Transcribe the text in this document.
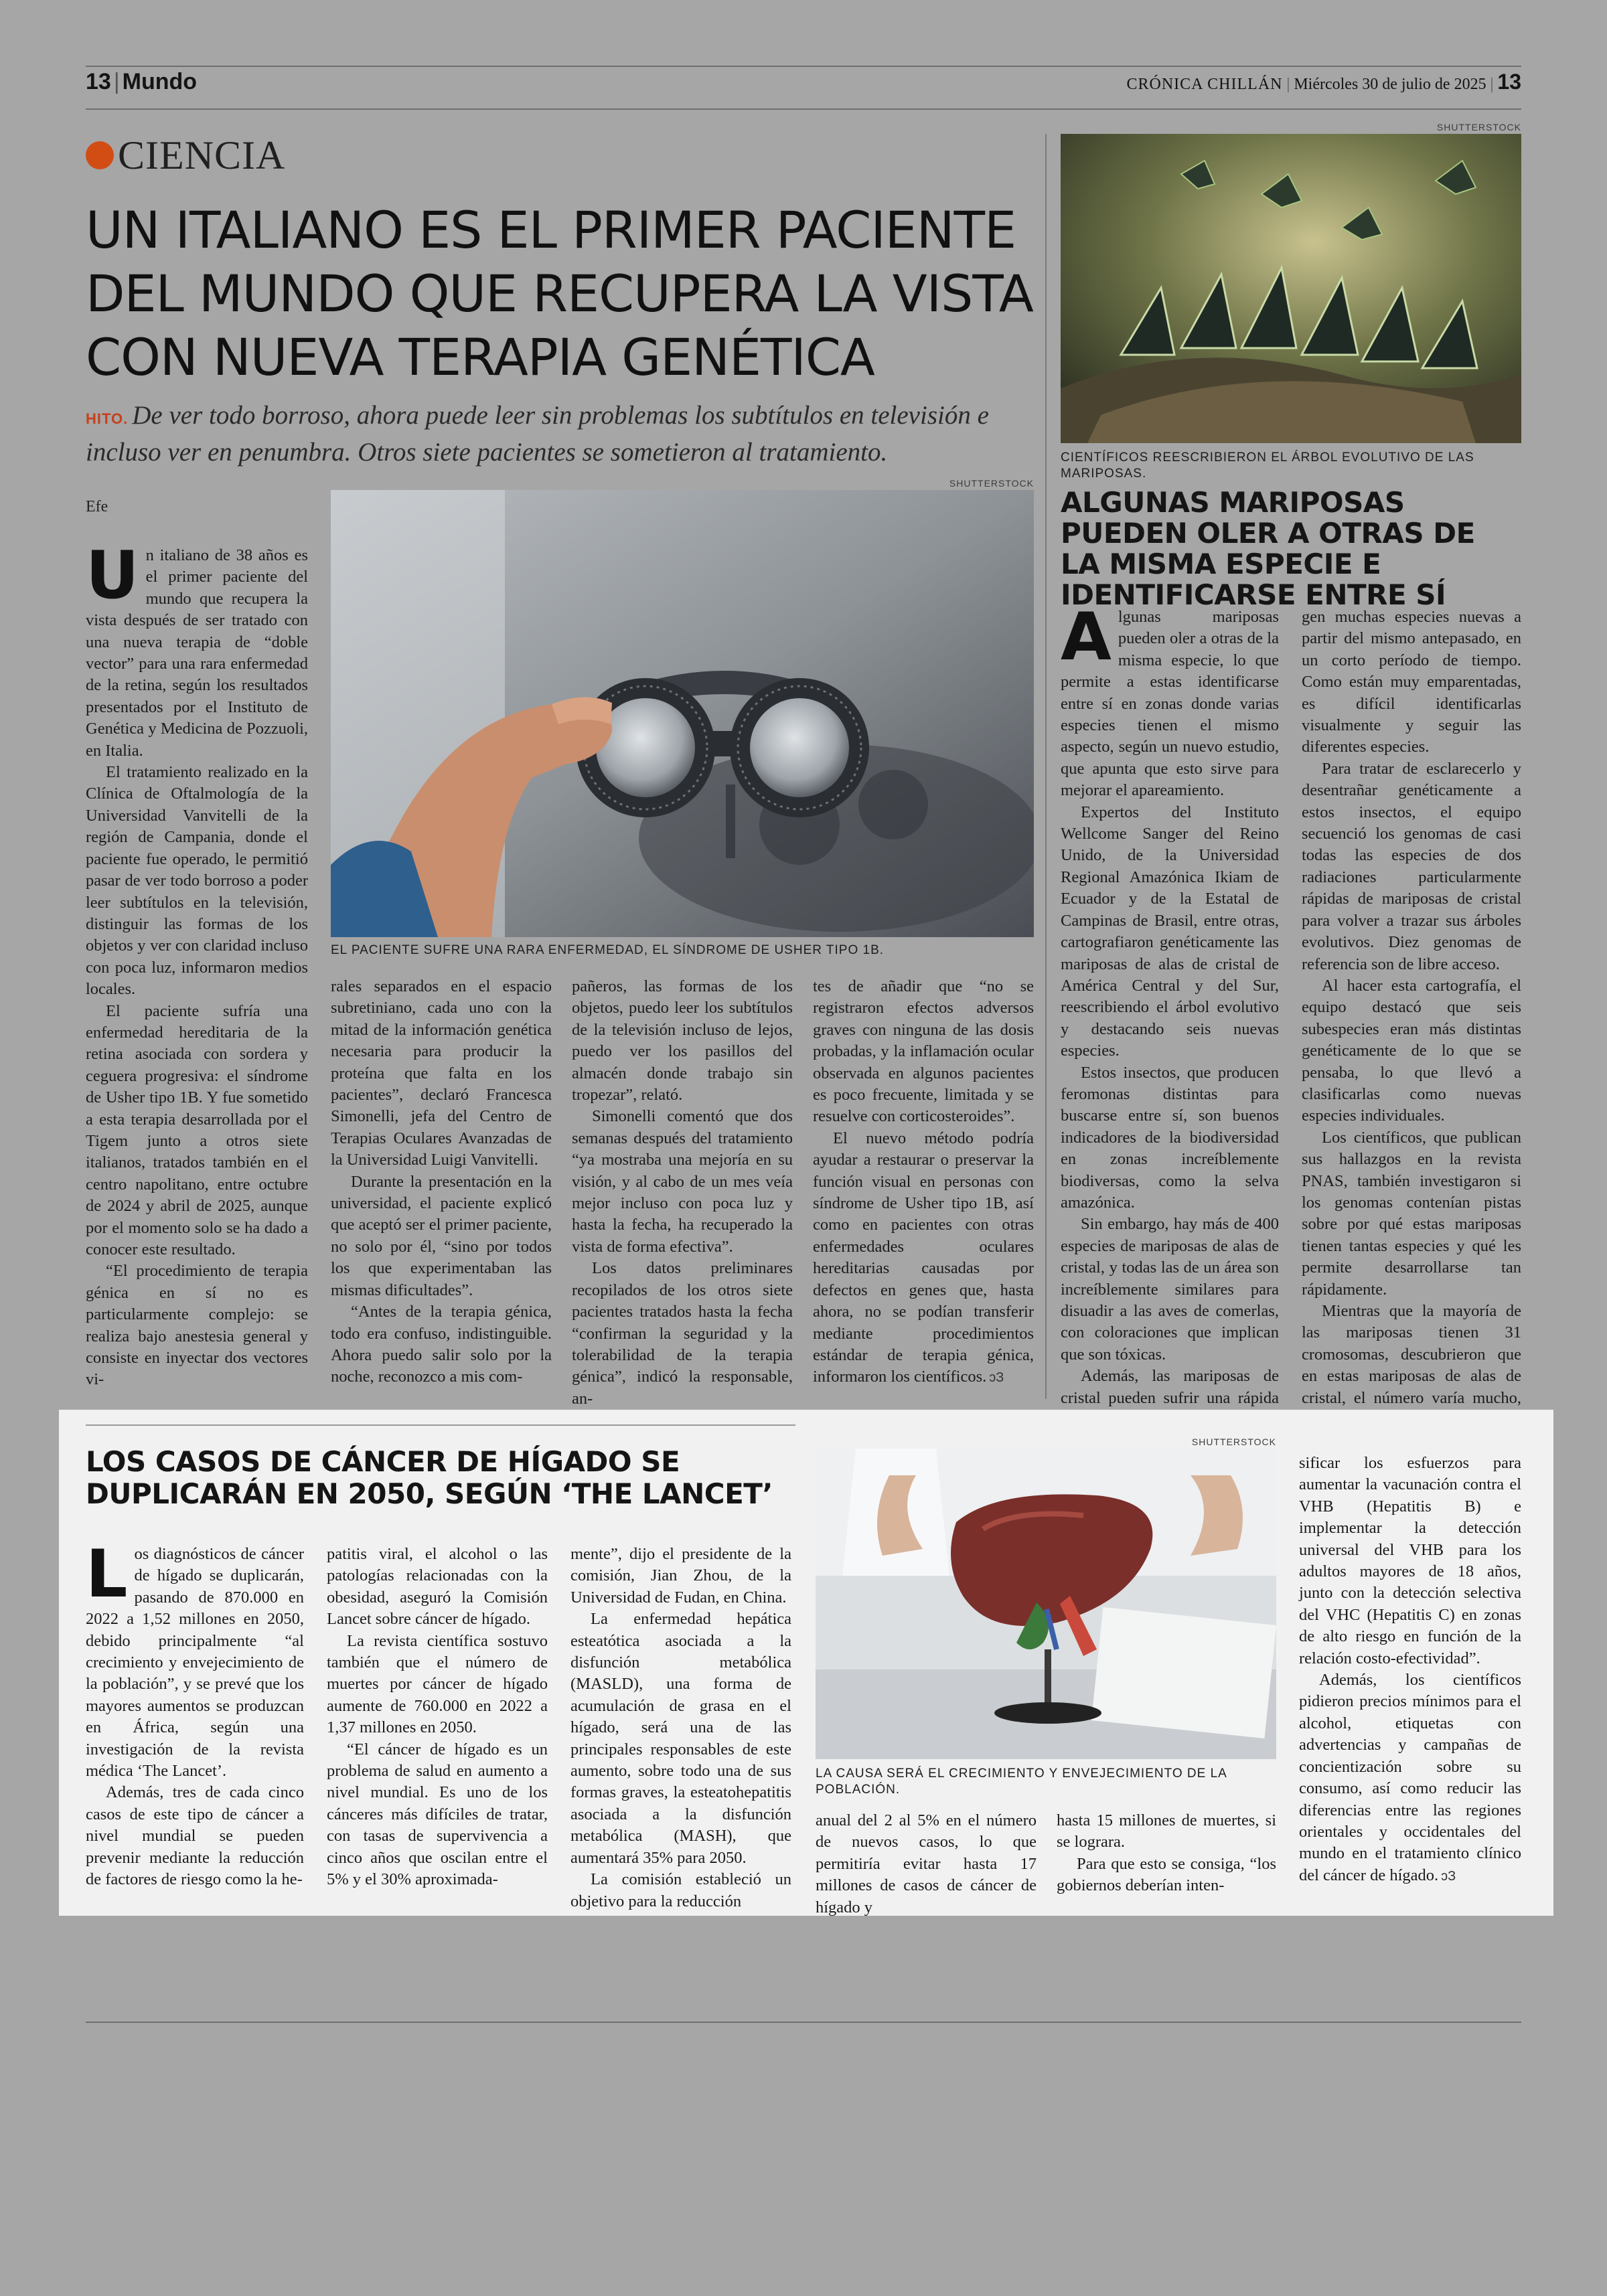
13 | Mundo	CRÓNICA CHILLÁN | Miércoles 30 de julio de 2025 | 13
CIENCIA
UN ITALIANO ES EL PRIMER PACIENTE DEL MUNDO QUE RECUPERA LA VISTA CON NUEVA TERAPIA GENÉTICA
HITO. De ver todo borroso, ahora puede leer sin problemas los subtítulos en televisión e incluso ver en penumbra. Otros siete pacientes se sometieron al tratamiento.
SHUTTERSTOCK
EL PACIENTE SUFRE UNA RARA ENFERMEDAD, EL SÍNDROME DE USHER TIPO 1B.
Efe

Un italiano de 38 años es el primer paciente del mundo que recupera la vista después de ser tratado con una nueva terapia de “doble vector” para una rara enfermedad de la retina, según los resultados presentados por el Instituto de Genética y Medicina de Pozzuoli, en Italia.

El tratamiento realizado en la Clínica de Oftalmología de la Universidad Vanvitelli de la región de Campania, donde el paciente fue operado, le permitió pasar de ver todo borroso a poder leer subtítulos en la televisión, distinguir las formas de los objetos y ver con claridad incluso con poca luz, informaron medios locales.

El paciente sufría una enfermedad hereditaria de la retina asociada con sordera y ceguera progresiva: el síndrome de Usher tipo 1B. Y fue sometido a esta terapia desarrollada por el Tigem junto a otros siete italianos, tratados también en el centro napolitano, entre octubre de 2024 y abril de 2025, aunque por el momento solo se ha dado a conocer este resultado.

“El procedimiento de terapia génica en sí no es particularmente complejo: se realiza bajo anestesia general y consiste en inyectar dos vectores vi-

rales separados en el espacio subretiniano, cada uno con la mitad de la información genética necesaria para producir la proteína que falta en los pacientes”, declaró Francesca Simonelli, jefa del Centro de Terapias Oculares Avanzadas de la Universidad Luigi Vanvitelli.

Durante la presentación en la universidad, el paciente explicó que aceptó ser el primer paciente, no solo por él, “sino por todos los que experimentaban las mismas dificultades”.

“Antes de la terapia génica, todo era confuso, indistinguible. Ahora puedo salir solo por la noche, reconozco a mis com-

pañeros, las formas de los objetos, puedo leer los subtítulos de la televisión incluso de lejos, puedo ver los pasillos del almacén donde trabajo sin tropezar”, relató.

Simonelli comentó que dos semanas después del tratamiento “ya mostraba una mejoría en su visión, y al cabo de un mes veía mejor incluso con poca luz y hasta la fecha, ha recuperado la vista de forma efectiva”.

Los datos preliminares recopilados de los otros siete pacientes tratados hasta la fecha “confirman la seguridad y la tolerabilidad de la terapia génica”, indicó la responsable, an-

tes de añadir que “no se registraron efectos adversos graves con ninguna de las dosis probadas, y la inflamación ocular observada en algunos pacientes es poco frecuente, limitada y se resuelve con corticosteroides”.

El nuevo método podría ayudar a restaurar o preservar la función visual en personas con síndrome de Usher tipo 1B, así como en pacientes con otras enfermedades oculares hereditarias causadas por defectos en genes que, hasta ahora, no se podían transferir mediante procedimientos estándar de terapia génica, informaron los científicos. ↄЗ

SHUTTERSTOCK
CIENTÍFICOS REESCRIBIERON EL ÁRBOL EVOLUTIVO DE LAS MARIPOSAS.
ALGUNAS MARIPOSAS PUEDEN OLER A OTRAS DE LA MISMA ESPECIE E IDENTIFICARSE ENTRE SÍ

Algunas mariposas pueden oler a otras de la misma especie, lo que permite a estas identificarse entre sí en zonas donde varias especies tienen el mismo aspecto, según un nuevo estudio, que apunta que esto sirve para mejorar el apareamiento.

Expertos del Instituto Wellcome Sanger del Reino Unido, de la Universidad Regional Amazónica Ikiam de Ecuador y de la Estatal de Campinas de Brasil, entre otras, cartografiaron genéticamente las mariposas de alas de cristal de América Central y del Sur, reescribiendo el árbol evolutivo y destacando seis nuevas especies.

Estos insectos, que producen feromonas distintas para buscarse entre sí, son buenos indicadores de la biodiversidad en zonas increíblemente biodiversas, como la selva amazónica.

Sin embargo, hay más de 400 especies de mariposas de alas de cristal, y todas las de un área son increíblemente similares para disuadir a las aves de comerlas, con coloraciones que implican que son tóxicas.

Además, las mariposas de cristal pueden sufrir una rápida

gen muchas especies nuevas a partir del mismo antepasado, en un corto período de tiempo. Como están muy emparentadas, es difícil identificarlas visualmente y seguir las diferentes especies.

Para tratar de esclarecerlo y desentrañar genéticamente a estos insectos, el equipo secuenció los genomas de casi todas las especies de dos radiaciones particularmente rápidas de mariposas de cristal para volver a trazar sus árboles evolutivos. Diez genomas de referencia son de libre acceso.

Al hacer esta cartografía, el equipo destacó que seis subespecies eran más distintas genéticamente de lo que se pensaba, lo que llevó a clasificarlas como nuevas especies individuales.

Los científicos, que publican sus hallazgos en la revista PNAS, también investigaron si los genomas contenían pistas sobre por qué estas mariposas tienen tantas especies y qué les permite desarrollarse tan rápidamente.

Mientras que la mayoría de las mariposas tienen 31 cromosomas, descubrieron que en estas mariposas de alas de cristal, el número varía mucho,

LOS CASOS DE CÁNCER DE HÍGADO SE DUPLICARÁN EN 2050, SEGÚN ‘THE LANCET’

Los diagnósticos de cáncer de hígado se duplicarán, pasando de 870.000 en 2022 a 1,52 millones en 2050, debido principalmente “al crecimiento y envejecimiento de la población”, y se prevé que los mayores aumentos se produzcan en África, según una investigación de la revista médica ‘The Lancet’.

Además, tres de cada cinco casos de este tipo de cáncer a nivel mundial se pueden prevenir mediante la reducción de factores de riesgo como la he-

patitis viral, el alcohol o las patologías relacionadas con la obesidad, aseguró la Comisión Lancet sobre cáncer de hígado.

La revista científica sostuvo también que el número de muertes por cáncer de hígado aumente de 760.000 en 2022 a 1,37 millones en 2050.

“El cáncer de hígado es un problema de salud en aumento a nivel mundial. Es uno de los cánceres más difíciles de tratar, con tasas de supervivencia a cinco años que oscilan entre el 5% y el 30% aproximada-

mente”, dijo el presidente de la comisión, Jian Zhou, de la Universidad de Fudan, en China.

La enfermedad hepática esteatótica asociada a la disfunción metabólica (MASLD), una forma de acumulación de grasa en el hígado, será una de las principales responsables de este aumento, sobre todo una de sus formas graves, la esteatohepatitis asociada a la disfunción metabólica (MASH), que aumentará 35% para 2050.

La comisión estableció un objetivo para la reducción

SHUTTERSTOCK
LA CAUSA SERÁ EL CRECIMIENTO Y ENVEJECIMIENTO DE LA POBLACIÓN.

anual del 2 al 5% en el número de nuevos casos, lo que permitiría evitar hasta 17 millones de casos de cáncer de hígado y

hasta 15 millones de muertes, si se lograra.

Para que esto se consiga, “los gobiernos deberían inten-

sificar los esfuerzos para aumentar la vacunación contra el VHB (Hepatitis B) e implementar la detección universal del VHB para los adultos mayores de 18 años, junto con la detección selectiva del VHC (Hepatitis C) en zonas de alto riesgo en función de la relación costo-efectividad”.

Además, los científicos pidieron precios mínimos para el alcohol, etiquetas con advertencias y campañas de concientización sobre su consumo, así como reducir las diferencias entre las regiones orientales y occidentales del mundo en el tratamiento clínico del cáncer de hígado. ↄЗ
